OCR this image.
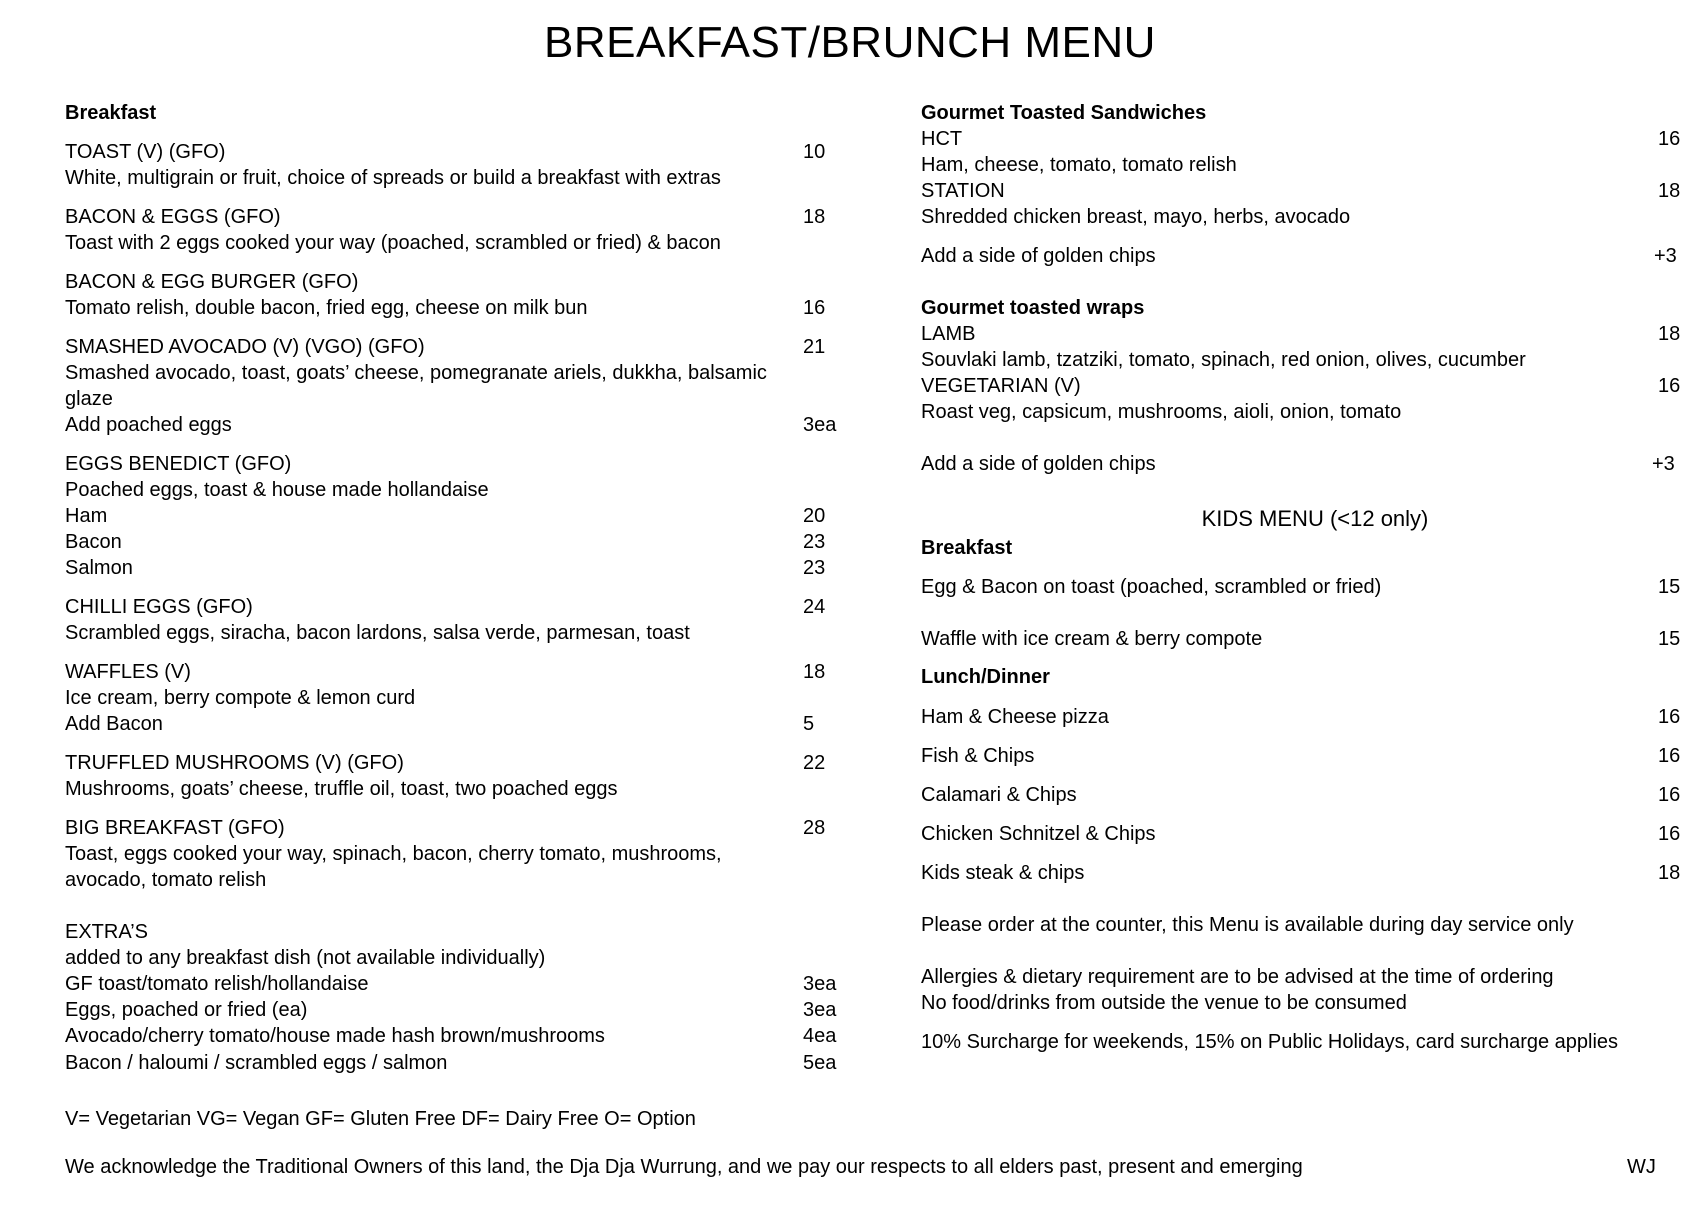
BREAKFAST/BRUNCH MENU
Breakfast
TOAST (V) (GFO)	10
White, multigrain or fruit, choice of spreads or build a breakfast with extras
BACON & EGGS (GFO)	18
Toast with 2 eggs cooked your way (poached, scrambled or fried) & bacon
BACON & EGG BURGER (GFO)
Tomato relish, double bacon, fried egg, cheese on milk bun	16
SMASHED AVOCADO (V) (VGO) (GFO)	21
Smashed avocado, toast, goats’ cheese, pomegranate ariels, dukkha, balsamic
glaze
Add poached eggs	3ea
EGGS BENEDICT (GFO)
Poached eggs, toast & house made hollandaise
Ham	20
Bacon	23
Salmon	23
CHILLI EGGS (GFO)	24
Scrambled eggs, siracha, bacon lardons, salsa verde, parmesan, toast
WAFFLES (V)	18
Ice cream, berry compote & lemon curd
Add Bacon	5
TRUFFLED MUSHROOMS (V) (GFO)	22
Mushrooms, goats’ cheese, truffle oil, toast, two poached eggs
BIG BREAKFAST (GFO)	28
Toast, eggs cooked your way, spinach, bacon, cherry tomato, mushrooms,
avocado, tomato relish
EXTRA’S
added to any breakfast dish (not available individually)
GF toast/tomato relish/hollandaise	3ea
Eggs, poached or fried (ea)	3ea
Avocado/cherry tomato/house made hash brown/mushrooms	4ea
Bacon / haloumi / scrambled eggs / salmon	5ea
V= Vegetarian VG= Vegan GF= Gluten Free DF= Dairy Free O= Option
Gourmet Toasted Sandwiches
HCT	16
Ham, cheese, tomato, tomato relish
STATION	18
Shredded chicken breast, mayo, herbs, avocado
Add a side of golden chips	+3
Gourmet toasted wraps
LAMB	18
Souvlaki lamb, tzatziki, tomato, spinach, red onion, olives, cucumber
VEGETARIAN (V)	16
Roast veg, capsicum, mushrooms, aioli, onion, tomato
Add a side of golden chips	+3
KIDS MENU (<12 only)
Breakfast
Egg & Bacon on toast (poached, scrambled or fried)	15
Waffle with ice cream & berry compote	15
Lunch/Dinner
Ham & Cheese pizza	16
Fish & Chips	16
Calamari & Chips	16
Chicken Schnitzel & Chips	16
Kids steak & chips	18
Please order at the counter, this Menu is available during day service only
Allergies & dietary requirement are to be advised at the time of ordering
No food/drinks from outside the venue to be consumed
10% Surcharge for weekends, 15% on Public Holidays, card surcharge applies
We acknowledge the Traditional Owners of this land, the Dja Dja Wurrung, and we pay our respects to all elders past, present and emerging	WJ
